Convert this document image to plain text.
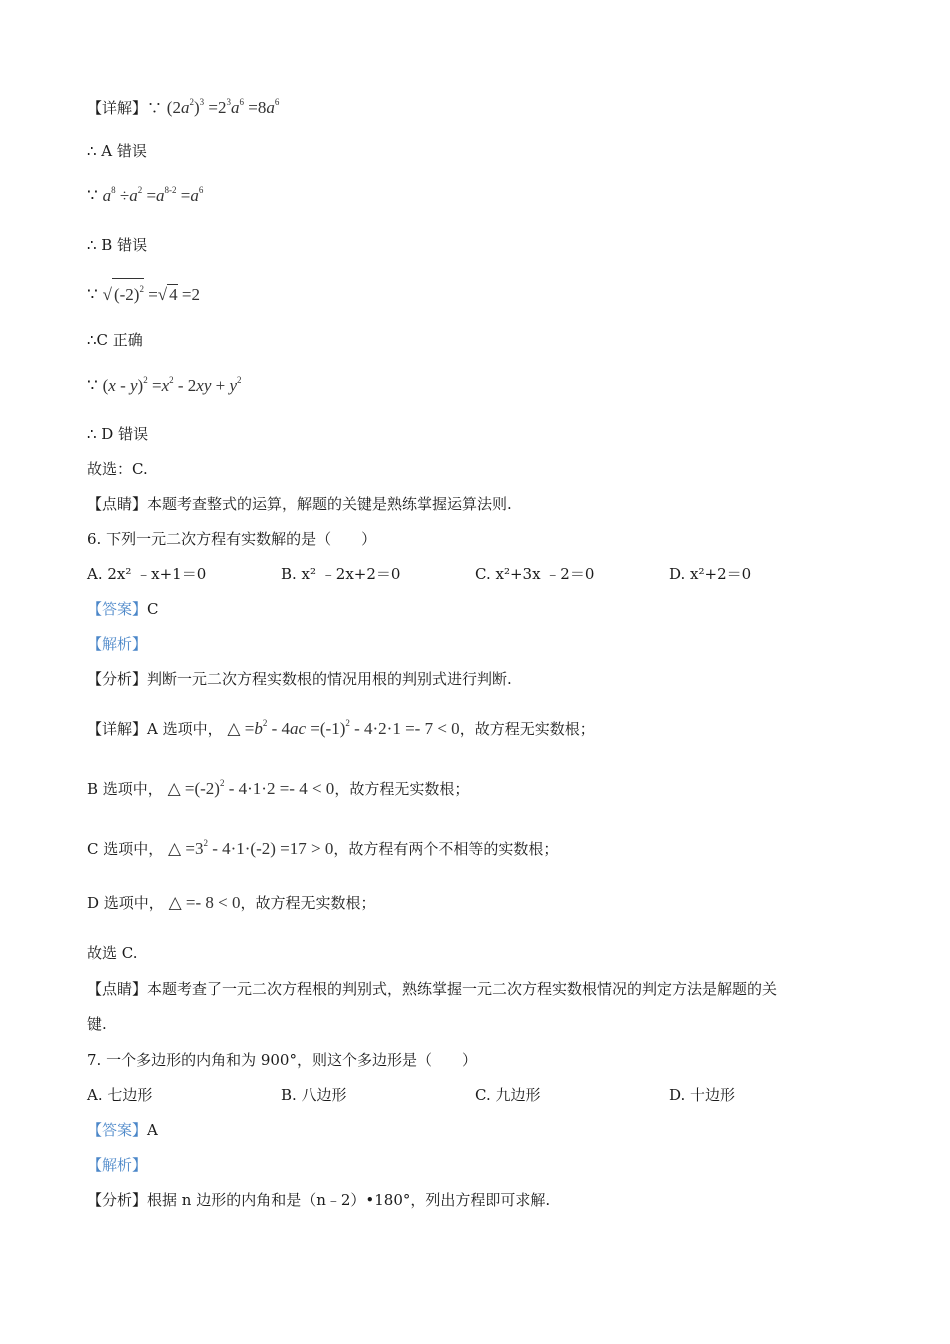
【详解】∵ $(2a^2)^3 =2^3a^6 =8a^6$
∴ A 错误
∵ $a^8 \div a^2 =a^{8-2} =a^6$
∴ B 错误
∵ √ $(-2)^2$ =√ 4 =2
∴C 正确
∵ $(x - y)^2 =x^2 - 2xy + y^2$
∴ D 错误
故选：C.
【点睛】本题考查整式的运算，解题的关键是熟练掌握运算法则.
6. 下列一元二次方程有实数解的是（　　）
A. 2x² ﹣x+1＝0	B. x² ﹣2x+2＝0	C. x²+3x ﹣2＝0	D. x²+2＝0
【答案】C
【解析】
【分析】判断一元二次方程实数根的情况用根的判别式进行判断.
【详解】A 选项中， △ $=b^2 - 4ac =(-1)^2 - 4\cdot 2\cdot 1 =- 7 < 0$，故方程无实数根；
B 选项中， △ $=(-2)^2 - 4\cdot 1\cdot 2 =- 4 < 0$，故方程无实数根；
C 选项中， △ $=3^2 - 4\cdot 1\cdot(-2) =17 > 0$，故方程有两个不相等的实数根；
D 选项中， △ =- 8 < 0，故方程无实数根；
故选 C.
【点睛】本题考查了一元二次方程根的判别式，熟练掌握一元二次方程实数根情况的判定方法是解题的关
键.
7. 一个多边形的内角和为 900°，则这个多边形是（　　）
A. 七边形	B. 八边形	C. 九边形	D. 十边形
【答案】A
【解析】
【分析】根据 n 边形的内角和是（n﹣2）•180°，列出方程即可求解.
